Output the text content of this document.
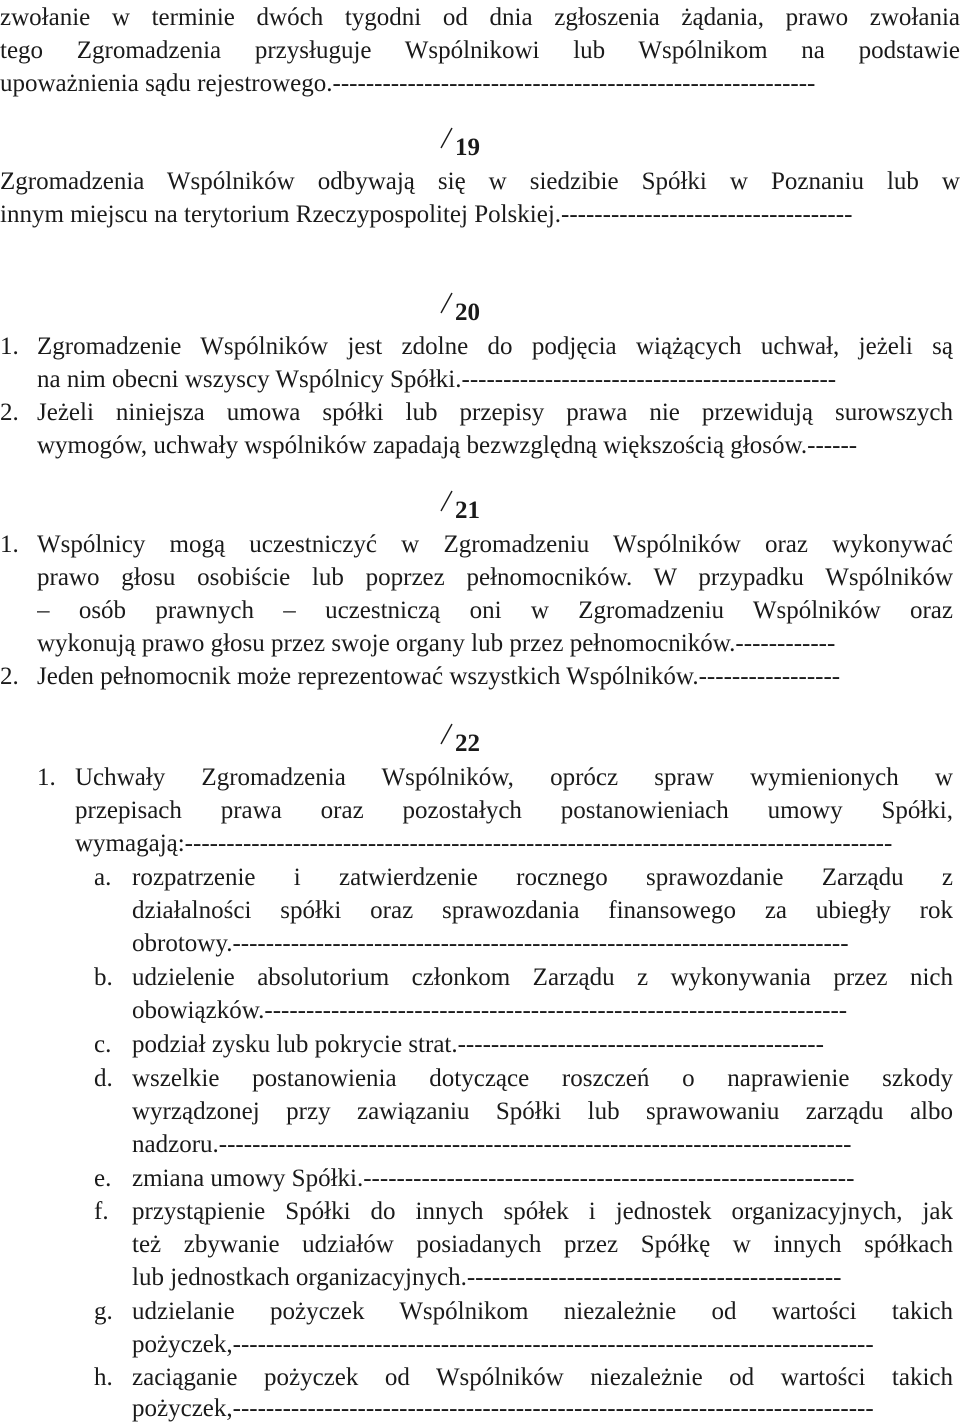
zwołanie w terminie dwóch tygodni od dnia zgłoszenia żądania, prawo zwołania
tego Zgromadzenia przysługuje Wspólnikowi lub Wspólnikom na podstawie
upoważnienia sądu rejestrowego.----------------------------------------------------------
19
Zgromadzenia Wspólników odbywają się w siedzibie Spółki w Poznaniu lub w
innym miejscu na terytorium Rzeczypospolitej Polskiej.-----------------------------------
20
1. Zgromadzenie Wspólników jest zdolne do podjęcia wiążących uchwał, jeżeli są
na nim obecni wszyscy Wspólnicy Spółki.---------------------------------------------
2. Jeżeli niniejsza umowa spółki lub przepisy prawa nie przewidują surowszych
wymogów, uchwały wspólników zapadają bezwzględną większością głosów.------
21
1. Wspólnicy mogą uczestniczyć w Zgromadzeniu Wspólników oraz wykonywać
prawo głosu osobiście lub poprzez pełnomocników. W przypadku Wspólników
– osób prawnych – uczestniczą oni w Zgromadzeniu Wspólników oraz
wykonują prawo głosu przez swoje organy lub przez pełnomocników.------------
2. Jeden pełnomocnik może reprezentować wszystkich Wspólników.-----------------
22
1. Uchwały Zgromadzenia Wspólników, oprócz spraw wymienionych w
przepisach prawa oraz pozostałych postanowieniach umowy Spółki,
wymagają:-------------------------------------------------------------------------------------
a. rozpatrzenie i zatwierdzenie rocznego sprawozdanie Zarządu z
działalności spółki oraz sprawozdania finansowego za ubiegły rok
obrotowy.--------------------------------------------------------------------------
b. udzielenie absolutorium członkom Zarządu z wykonywania przez nich
obowiązków.----------------------------------------------------------------------
c. podział zysku lub pokrycie strat.--------------------------------------------
d. wszelkie postanowienia dotyczące roszczeń o naprawienie szkody
wyrządzonej przy zawiązaniu Spółki lub sprawowaniu zarządu albo
nadzoru.----------------------------------------------------------------------------
e. zmiana umowy Spółki.-----------------------------------------------------------
f. przystąpienie Spółki do innych spółek i jednostek organizacyjnych, jak
też zbywanie udziałów posiadanych przez Spółkę w innych spółkach
lub jednostkach organizacyjnych.---------------------------------------------
g. udzielanie pożyczek Wspólnikom niezależnie od wartości takich
pożyczek,-----------------------------------------------------------------------------
h. zaciąganie pożyczek od Wspólników niezależnie od wartości takich
pożyczek,-----------------------------------------------------------------------------
